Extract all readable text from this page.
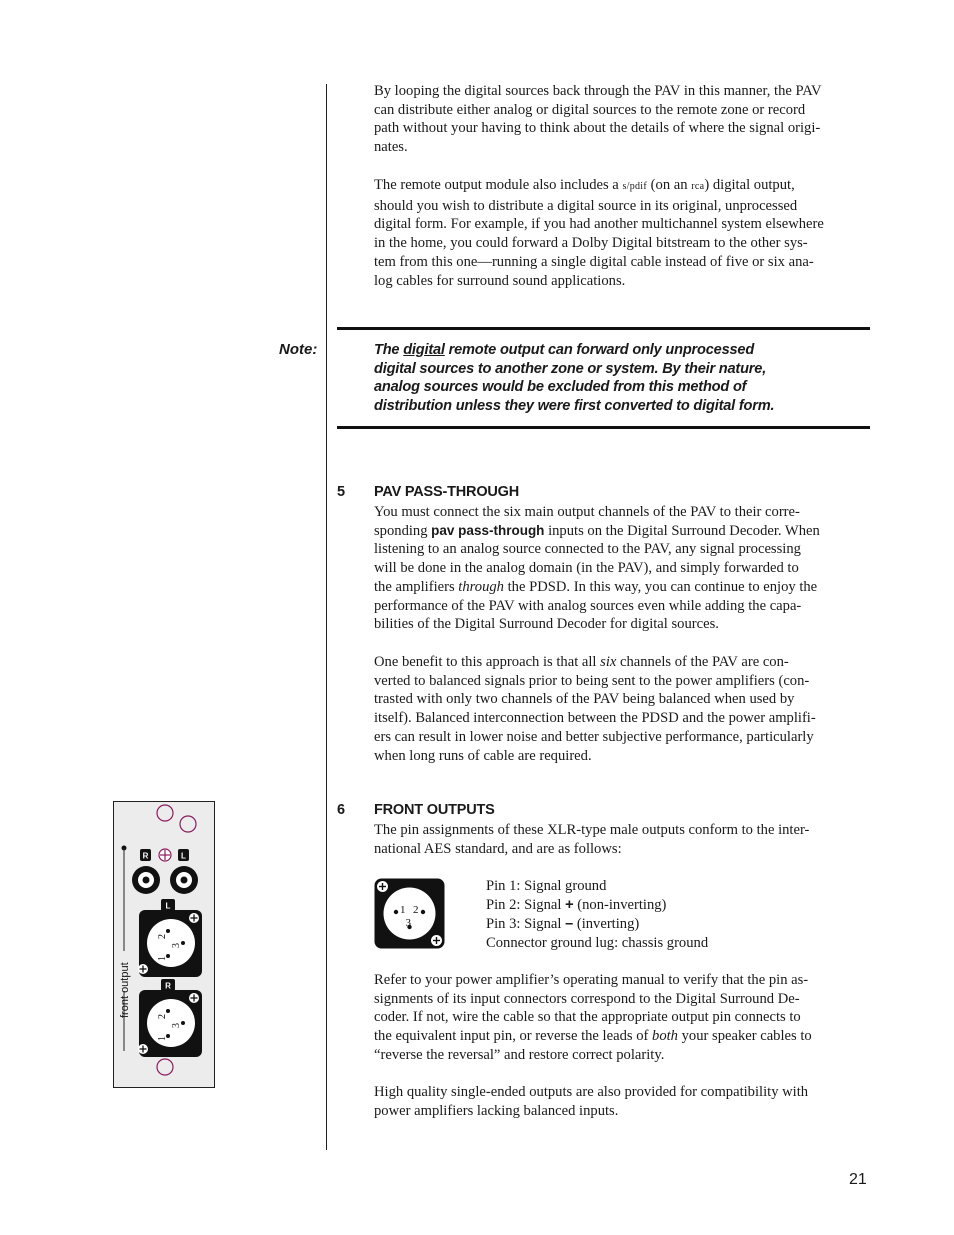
By looping the digital sources back through the PAV in this manner, the PAV
can distribute either analog or digital sources to the remote zone or record
path without your having to think about the details of where the signal origi-
nates.

The remote output module also includes a s/pdif (on an rca) digital output,
should you wish to distribute a digital source in its original, unprocessed
digital form. For example, if you had another multichannel system elsewhere
in the home, you could forward a Dolby Digital bitstream to the other sys-
tem from this one—running a single digital cable instead of five or six ana-
log cables for surround sound applications.

Note:	The digital remote output can forward only unprocessed
digital sources to another zone or system. By their nature,
analog sources would be excluded from this method of
distribution unless they were first converted to digital form.
5 PAV PASS-THROUGH

You must connect the six main output channels of the PAV to their corre-
sponding pav pass-through inputs on the Digital Surround Decoder. When
listening to an analog source connected to the PAV, any signal processing
will be done in the analog domain (in the PAV), and simply forwarded to
the amplifiers through the PDSD. In this way, you can continue to enjoy the
performance of the PAV with analog sources even while adding the capa-
bilities of the Digital Surround Decoder for digital sources.

One benefit to this approach is that all six channels of the PAV are con-
verted to balanced signals prior to being sent to the power amplifiers (con-
trasted with only two channels of the PAV being balanced when used by
itself). Balanced interconnection between the PDSD and the power amplifi-
ers can result in lower noise and better subjective performance, particularly
when long runs of cable are required.

6 FRONT OUTPUTS

The pin assignments of these XLR-type male outputs conform to the inter-
national AES standard, and are as follows:

1 2
3
Pin 1: Signal ground
Pin 2: Signal + (non-inverting)
Pin 3: Signal – (inverting)
Connector ground lug: chassis ground

Refer to your power amplifier’s operating manual to verify that the pin as-
signments of its input connectors correspond to the Digital Surround De-
coder. If not, wire the cable so that the appropriate output pin connects to
the equivalent input pin, or reverse the leads of both your speaker cables to
“reverse the reversal” and restore correct polarity.

High quality single-ended outputs are also provided for compatibility with
power amplifiers lacking balanced inputs.

R	L
front output
L
1
2
3
R
1
2
3
21
